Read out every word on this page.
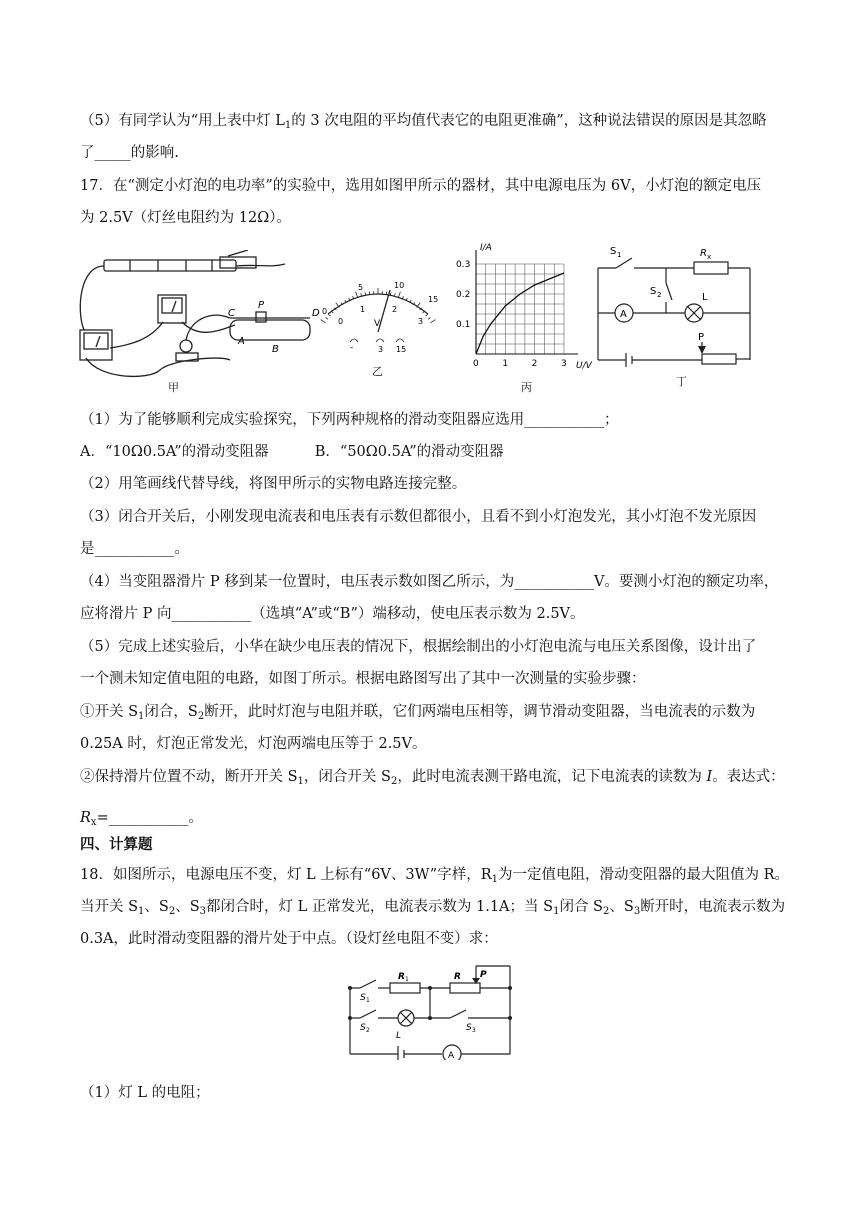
（5）有同学认为“用上表中灯 $L_1$的 3 次电阻的平均值代表它的电阻更准确”，这种说法错误的原因是其忽略
了_____的影响.
17．在“测定小灯泡的电功率”的实验中，选用如图甲所示的器材，其中电源电压为 6V，小灯泡的额定电压
为 2.5V（灯丝电阻约为 12Ω）。
C
P
D
A
B
甲
5	10
0
15
0
1	2
3
V
-	3 15
乙
0	1	2	3
0.1
0.2
0.3
I/A
U/V
丙
S 1	R x
S 2	L
A
P
丁
（1）为了能够顺利完成实验探究，下列两种规格的滑动变阻器应选用___________；
A．“10Ω0.5A”的滑动变阻器          B．“50Ω0.5A”的滑动变阻器
（2）用笔画线代替导线，将图甲所示的实物电路连接完整。
（3）闭合开关后，小刚发现电流表和电压表有示数但都很小，且看不到小灯泡发光，其小灯泡不发光原因
是___________。
（4）当变阻器滑片 P 移到某一位置时，电压表示数如图乙所示，为___________V。要测小灯泡的额定功率，
应将滑片 P 向___________（选填“A”或“B”）端移动，使电压表示数为 2.5V。
（5）完成上述实验后，小华在缺少电压表的情况下，根据绘制出的小灯泡电流与电压关系图像，设计出了
一个测未知定值电阻的电路，如图丁所示。根据电路图写出了其中一次测量的实验步骤：
①开关 $S_1$闭合，$S_2$断开，此时灯泡与电阻并联，它们两端电压相等，调节滑动变阻器，当电流表的示数为
0.25A 时，灯泡正常发光，灯泡两端电压等于 2.5V。
②保持滑片位置不动，断开开关 $S_1$，闭合开关 $S_2$，此时电流表测干路电流，记下电流表的读数为 I。表达式：
$R_x=\_\_\_\_\_\_\_\_\_\_\_$。
四、计算题
18．如图所示，电源电压不变，灯 L 上标有“6V、3W”字样，$R_1$为一定值电阻，滑动变阻器的最大阻值为 R。
当开关 $S_1$、$S_2$、$S_3$都闭合时，灯 L 正常发光，电流表示数为 1.1A；当 $S_1$闭合 $S_2$、$S_3$断开时，电流表示数为
0.3A，此时滑动变阻器的滑片处于中点。（设灯丝电阻不变）求：
R 1	R P
S 1
S 2
L
S 3
A
（1）灯 L 的电阻；
